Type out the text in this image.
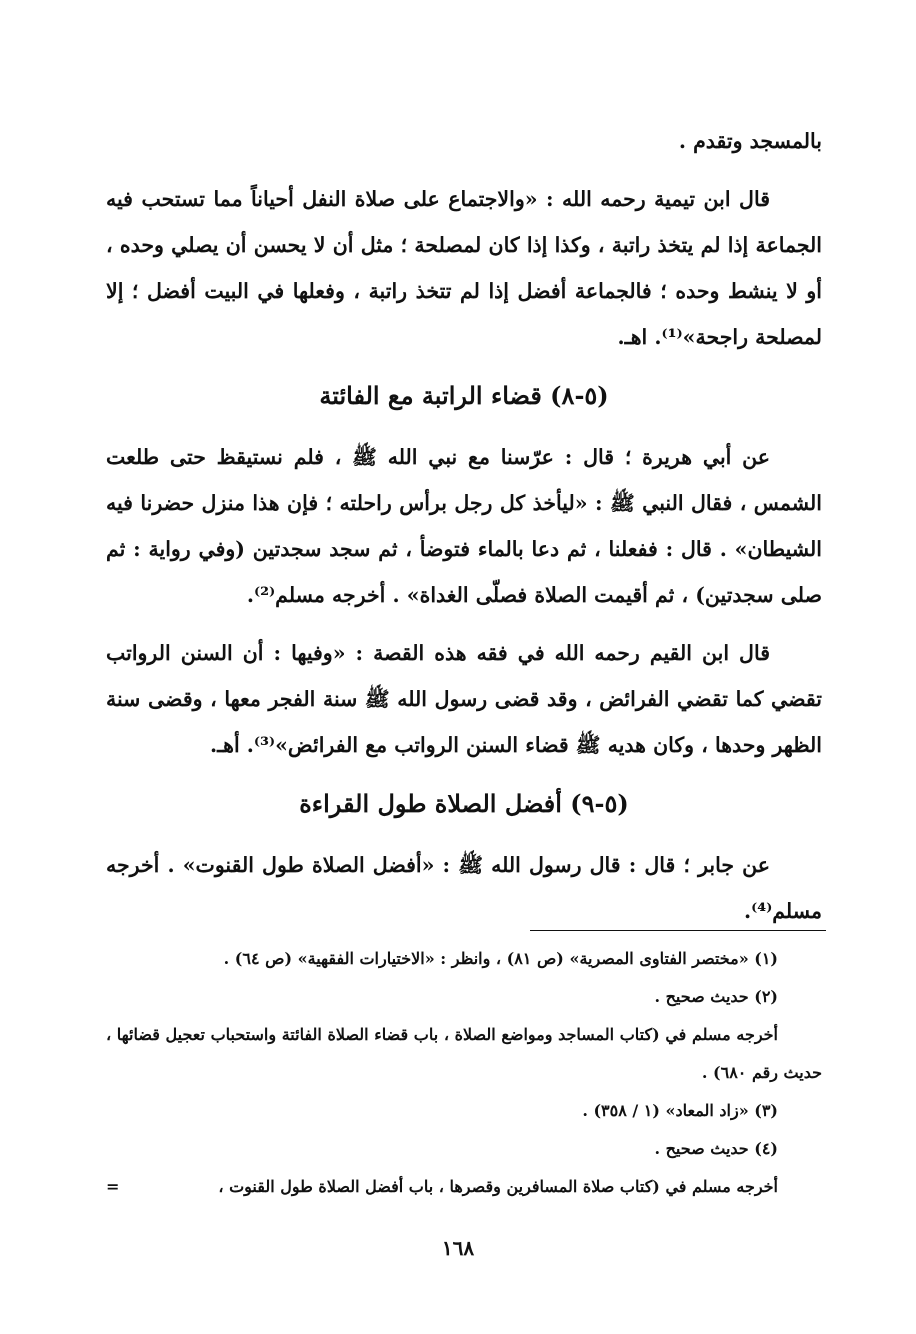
بالمسجد وتقدم .

قال ابن تيمية رحمه الله : «والاجتماع على صلاة النفل أحياناً مما تستحب فيه الجماعة إذا لم يتخذ راتبة ، وكذا إذا كان لمصلحة ؛ مثل أن لا يحسن أن يصلي وحده ، أو لا ينشط وحده ؛ فالجماعة أفضل إذا لم تتخذ راتبة ، وفعلها في البيت أفضل ؛ إلا لمصلحة راجحة»⁽¹⁾. اهـ.

(٥-٨) قضاء الراتبة مع الفائتة

عن أبي هريرة ؛ قال : عرّسنا مع نبي الله ﷺ ، فلم نستيقظ حتى طلعت الشمس ، فقال النبي ﷺ : «ليأخذ كل رجل برأس راحلته ؛ فإن هذا منزل حضرنا فيه الشيطان» . قال : ففعلنا ، ثم دعا بالماء فتوضأ ، ثم سجد سجدتين (وفي رواية : ثم صلى سجدتين) ، ثم أقيمت الصلاة فصلّى الغداة» . أخرجه مسلم⁽²⁾.

قال ابن القيم رحمه الله في فقه هذه القصة : «وفيها : أن السنن الرواتب تقضي كما تقضي الفرائض ، وقد قضى رسول الله ﷺ سنة الفجر معها ، وقضى سنة الظهر وحدها ، وكان هديه ﷺ قضاء السنن الرواتب مع الفرائض»⁽³⁾. أهـ.

(٥-٩) أفضل الصلاة طول القراءة

عن جابر ؛ قال : قال رسول الله ﷺ : «أفضل الصلاة طول القنوت» . أخرجه مسلم⁽⁴⁾.

(١) «مختصر الفتاوى المصرية» (ص ٨١) ، وانظر : «الاختيارات الفقهية» (ص ٦٤) .

(٢) حديث صحيح .

أخرجه مسلم في (كتاب المساجد ومواضع الصلاة ، باب قضاء الصلاة الفائتة واستحباب تعجيل قضائها ، حديث رقم ٦٨٠) .

(٣) «زاد المعاد» (١ / ٣٥٨) .

(٤) حديث صحيح .

أخرجه مسلم في (كتاب صلاة المسافرين وقصرها ، باب أفضل الصلاة طول القنوت ،
=

١٦٨
